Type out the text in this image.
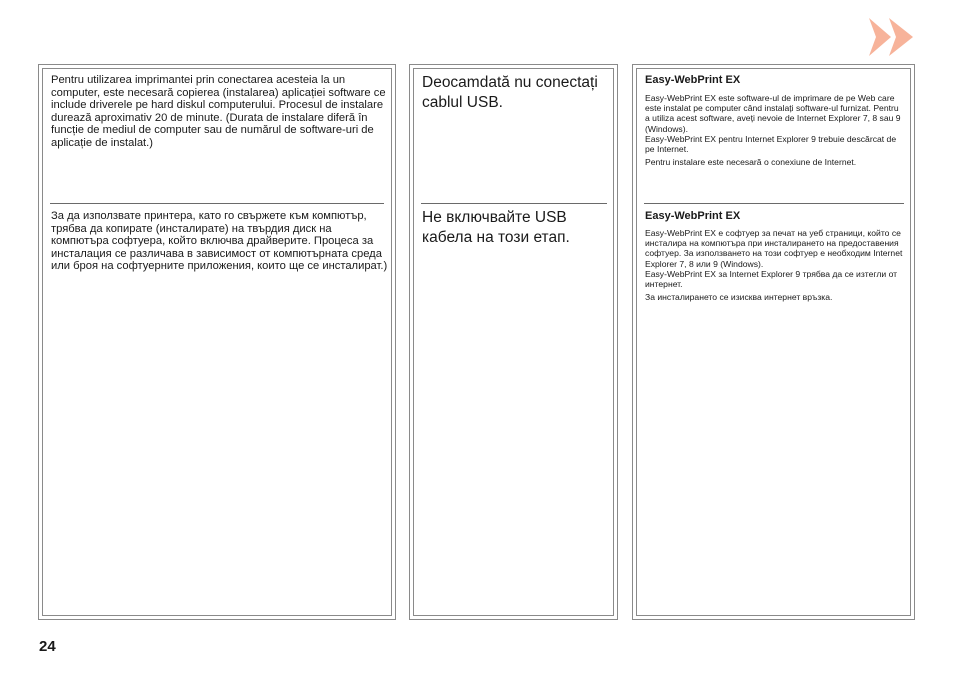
Pentru utilizarea imprimantei prin conectarea acesteia la un computer, este necesară copierea (instalarea) aplicației software ce include driverele pe hard diskul computerului. Procesul de instalare durează aproximativ 20 de minute. (Durata de instalare diferă în funcție de mediul de computer sau de numărul de software-uri de aplicație de instalat.)

За да използвате принтера, като го свържете към компютър, трябва да копирате (инсталирате) на твърдия диск на компютъра софтуера, който включва драйверите. Процеса за инсталация се различава в зависимост от компютърната среда или броя на софтуерните приложения, които ще се инсталират.)

Deocamdată nu conectați cablul USB.

Не включвайте USB кабела на този етап.

Easy-WebPrint EX

Easy-WebPrint EX este software-ul de imprimare de pe Web care este instalat pe computer când instalați software-ul furnizat. Pentru a utiliza acest software, aveți nevoie de Internet Explorer 7, 8 sau 9 (Windows).
Easy-WebPrint EX pentru Internet Explorer 9 trebuie descărcat de pe Internet.

Pentru instalare este necesară o conexiune de Internet.

Easy-WebPrint EX

Easy-WebPrint EX е софтуер за печат на уеб страници, който се инсталира на компютъра при инсталирането на предоставения софтуер. За използването на този софтуер е необходим Internet Explorer 7, 8 или 9 (Windows).
Easy-WebPrint EX за Internet Explorer 9 трябва да се изтегли от интернет.

За инсталирането се изисква интернет връзка.

24
